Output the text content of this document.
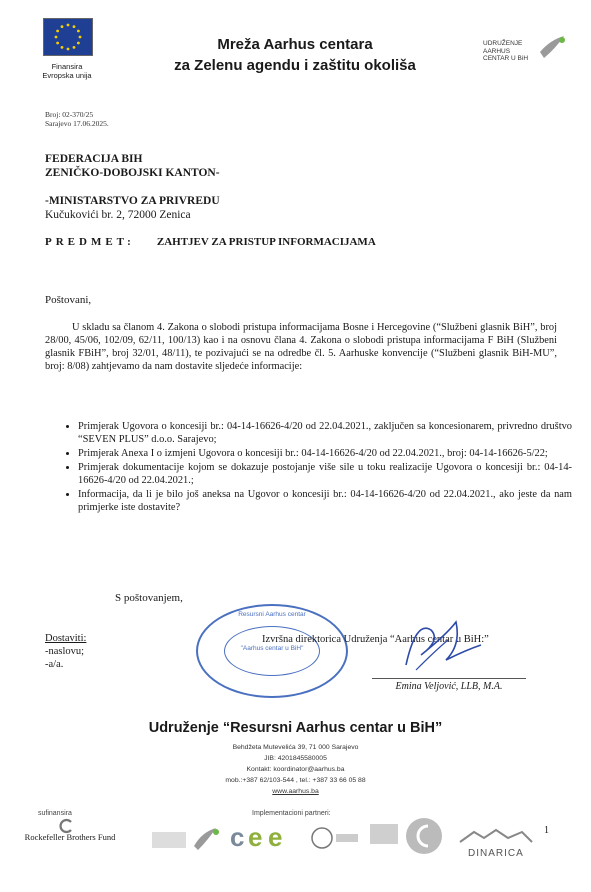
Finansira
Evropska unija
Mreža Aarhus centara
za Zelenu agendu i zaštitu okoliša
UDRUŽENJE
AARHUS
CENTAR U BiH
Broj: 02-370/25
Sarajevo 17.06.2025.
FEDERACIJA BIH
ZENIČKO-DOBOJSKI KANTON-
-MINISTARSTVO ZA PRIVREDU
Kučukovići br. 2, 72000 Zenica
PREDMET: ZAHTJEV ZA PRISTUP INFORMACIJAMA
Poštovani,
U skladu sa članom 4. Zakona o slobodi pristupa informacijama Bosne i Hercegovine (“Službeni glasnik BiH”, broj 28/00, 45/06, 102/09, 62/11, 100/13) kao i na osnovu člana 4. Zakona o slobodi pristupa informacijama F BiH (Službeni glasnik FBiH”, broj 32/01, 48/11), te pozivajući se na odredbe čl. 5. Aarhuske konvencije (“Službeni glasnik BiH-MU”, broj: 8/08) zahtjevamo da nam dostavite sljedeće informacije:
• Primjerak Ugovora o koncesiji br.: 04-14-16626-4/20 od 22.04.2021., zaključen sa koncesionarem, privredno društvo “SEVEN PLUS” d.o.o. Sarajevo;
• Primjerak Anexa I o izmjeni Ugovora o koncesiji br.: 04-14-16626-4/20 od 22.04.2021., broj: 04-14-16626-5/22;
• Primjerak dokumentacije kojom se dokazuje postojanje više sile u toku realizacije Ugovora o koncesiji br.: 04-14-16626-4/20 od 22.04.2021.;
• Informacija, da li je bilo još aneksa na Ugovor o koncesiji br.: 04-14-16626-4/20 od 22.04.2021., ako jeste da nam primjerke iste dostavite?
S poštovanjem,
Dostaviti:
-naslovu;
-a/a.
Resursni Aarhus centar
"Aarhus centar u BiH"
Izvršna direktorica Udruženja “Aarhus centar u BiH:”
Emina Veljović, LLB, M.A.
Udruženje “Resursni Aarhus centar u BiH”
Behdžeta Mutevelića 39, 71 000 Sarajevo
JIB: 4201845580005
Kontakt: koordinator@aarhus.ba
mob.:+387 62/103-544 , tel.: +387 33 66 05 88
www.aarhus.ba
sufinansira	Implementacioni partneri:
Rockefeller Brothers Fund	c e e
DINARICA
1
